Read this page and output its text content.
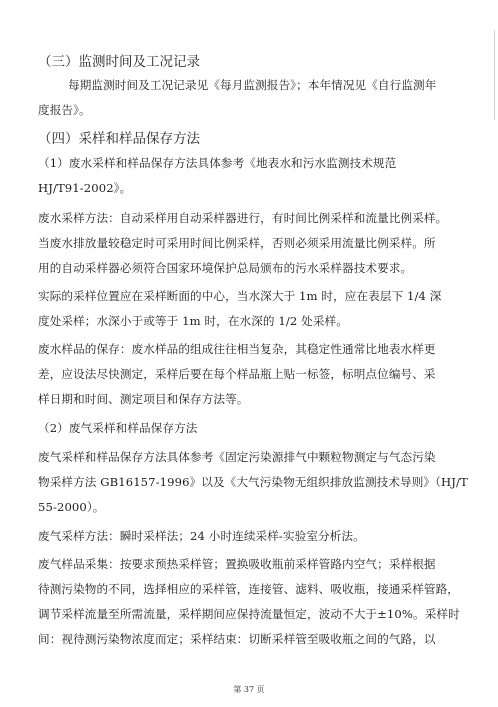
（三）监测时间及工况记录
每期监测时间及工况记录见《每月监测报告》；本年情况见《自行监测年
度报告》。
（四）采样和样品保存方法
（1）废水采样和样品保存方法具体参考《地表水和污水监测技术规范
HJ/T91-2002》。
废水采样方法：自动采样用自动采样器进行，有时间比例采样和流量比例采样。
当废水排放量较稳定时可采用时间比例采样，否则必须采用流量比例采样。所
用的自动采样器必须符合国家环境保护总局颁布的污水采样器技术要求。
实际的采样位置应在采样断面的中心，当水深大于 1m 时，应在表层下 1/4 深
度处采样；水深小于或等于 1m 时，在水深的 1/2 处采样。
废水样品的保存：废水样品的组成往往相当复杂，其稳定性通常比地表水样更
差，应设法尽快测定，采样后要在每个样品瓶上贴一标签，标明点位编号、采
样日期和时间、测定项目和保存方法等。
（2）废气采样和样品保存方法
废气采样和样品保存方法具体参考《固定污染源排气中颗粒物测定与气态污染
物采样方法 GB16157-1996》以及《大气污染物无组织排放监测技术导则》（HJ/T
55-2000）。
废气采样方法：瞬时采样法；24 小时连续采样-实验室分析法。
废气样品采集：按要求预热采样管；置换吸收瓶前采样管路内空气；采样根据
待测污染物的不同，选择相应的采样管，连接管、滤料、吸收瓶，接通采样管路，
调节采样流量至所需流量，采样期间应保持流量恒定，波动不大于±10%。采样时
间：视待测污染物浓度而定；采样结束：切断采样管至吸收瓶之间的气路，以
第 37 页
